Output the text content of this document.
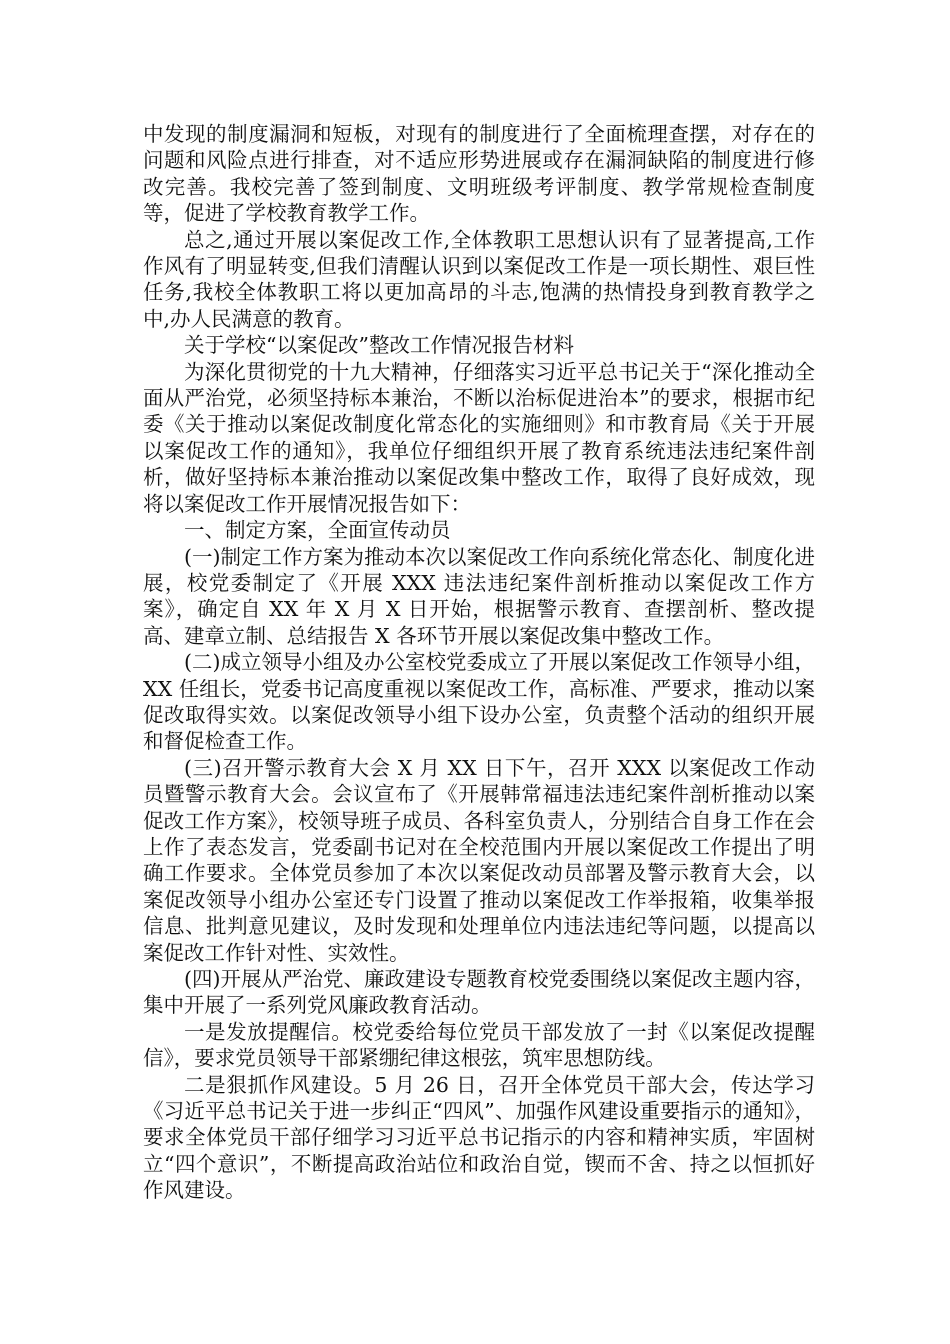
中发现的制度漏洞和短板，对现有的制度进行了全面梳理查摆，对存在的问题和风险点进行排查，对不适应形势进展或存在漏洞缺陷的制度进行修改完善。我校完善了签到制度、文明班级考评制度、教学常规检查制度等，促进了学校教育教学工作。

总之,通过开展以案促改工作,全体教职工思想认识有了显著提高,工作作风有了明显转变,但我们清醒认识到以案促改工作是一项长期性、艰巨性任务,我校全体教职工将以更加高昂的斗志,饱满的热情投身到教育教学之中,办人民满意的教育。

关于学校“以案促改”整改工作情况报告材料

为深化贯彻党的十九大精神，仔细落实习近平总书记关于“深化推动全面从严治党，必须坚持标本兼治，不断以治标促进治本”的要求，根据市纪委《关于推动以案促改制度化常态化的实施细则》和市教育局《关于开展以案促改工作的通知》，我单位仔细组织开展了教育系统违法违纪案件剖析，做好坚持标本兼治推动以案促改集中整改工作，取得了良好成效，现将以案促改工作开展情况报告如下：

一、制定方案，全面宣传动员

(一)制定工作方案为推动本次以案促改工作向系统化常态化、制度化进展，校党委制定了《开展 XXX 违法违纪案件剖析推动以案促改工作方案》，确定自 XX 年 X 月 X 日开始，根据警示教育、查摆剖析、整改提高、建章立制、总结报告 X 各环节开展以案促改集中整改工作。

(二)成立领导小组及办公室校党委成立了开展以案促改工作领导小组，XX 任组长，党委书记高度重视以案促改工作，高标准、严要求，推动以案促改取得实效。以案促改领导小组下设办公室，负责整个活动的组织开展和督促检查工作。

(三)召开警示教育大会 X 月 XX 日下午，召开 XXX 以案促改工作动员暨警示教育大会。会议宣布了《开展韩常福违法违纪案件剖析推动以案促改工作方案》，校领导班子成员、各科室负责人，分别结合自身工作在会上作了表态发言，党委副书记对在全校范围内开展以案促改工作提出了明确工作要求。全体党员参加了本次以案促改动员部署及警示教育大会，以案促改领导小组办公室还专门设置了推动以案促改工作举报箱，收集举报信息、批判意见建议，及时发现和处理单位内违法违纪等问题，以提高以案促改工作针对性、实效性。

(四)开展从严治党、廉政建设专题教育校党委围绕以案促改主题内容，集中开展了一系列党风廉政教育活动。

一是发放提醒信。校党委给每位党员干部发放了一封《以案促改提醒信》，要求党员领导干部紧绷纪律这根弦，筑牢思想防线。

二是狠抓作风建设。5 月 26 日，召开全体党员干部大会，传达学习《习近平总书记关于进一步纠正“四风”、加强作风建设重要指示的通知》，要求全体党员干部仔细学习习近平总书记指示的内容和精神实质，牢固树立“四个意识”，不断提高政治站位和政治自觉，锲而不舍、持之以恒抓好作风建设。
